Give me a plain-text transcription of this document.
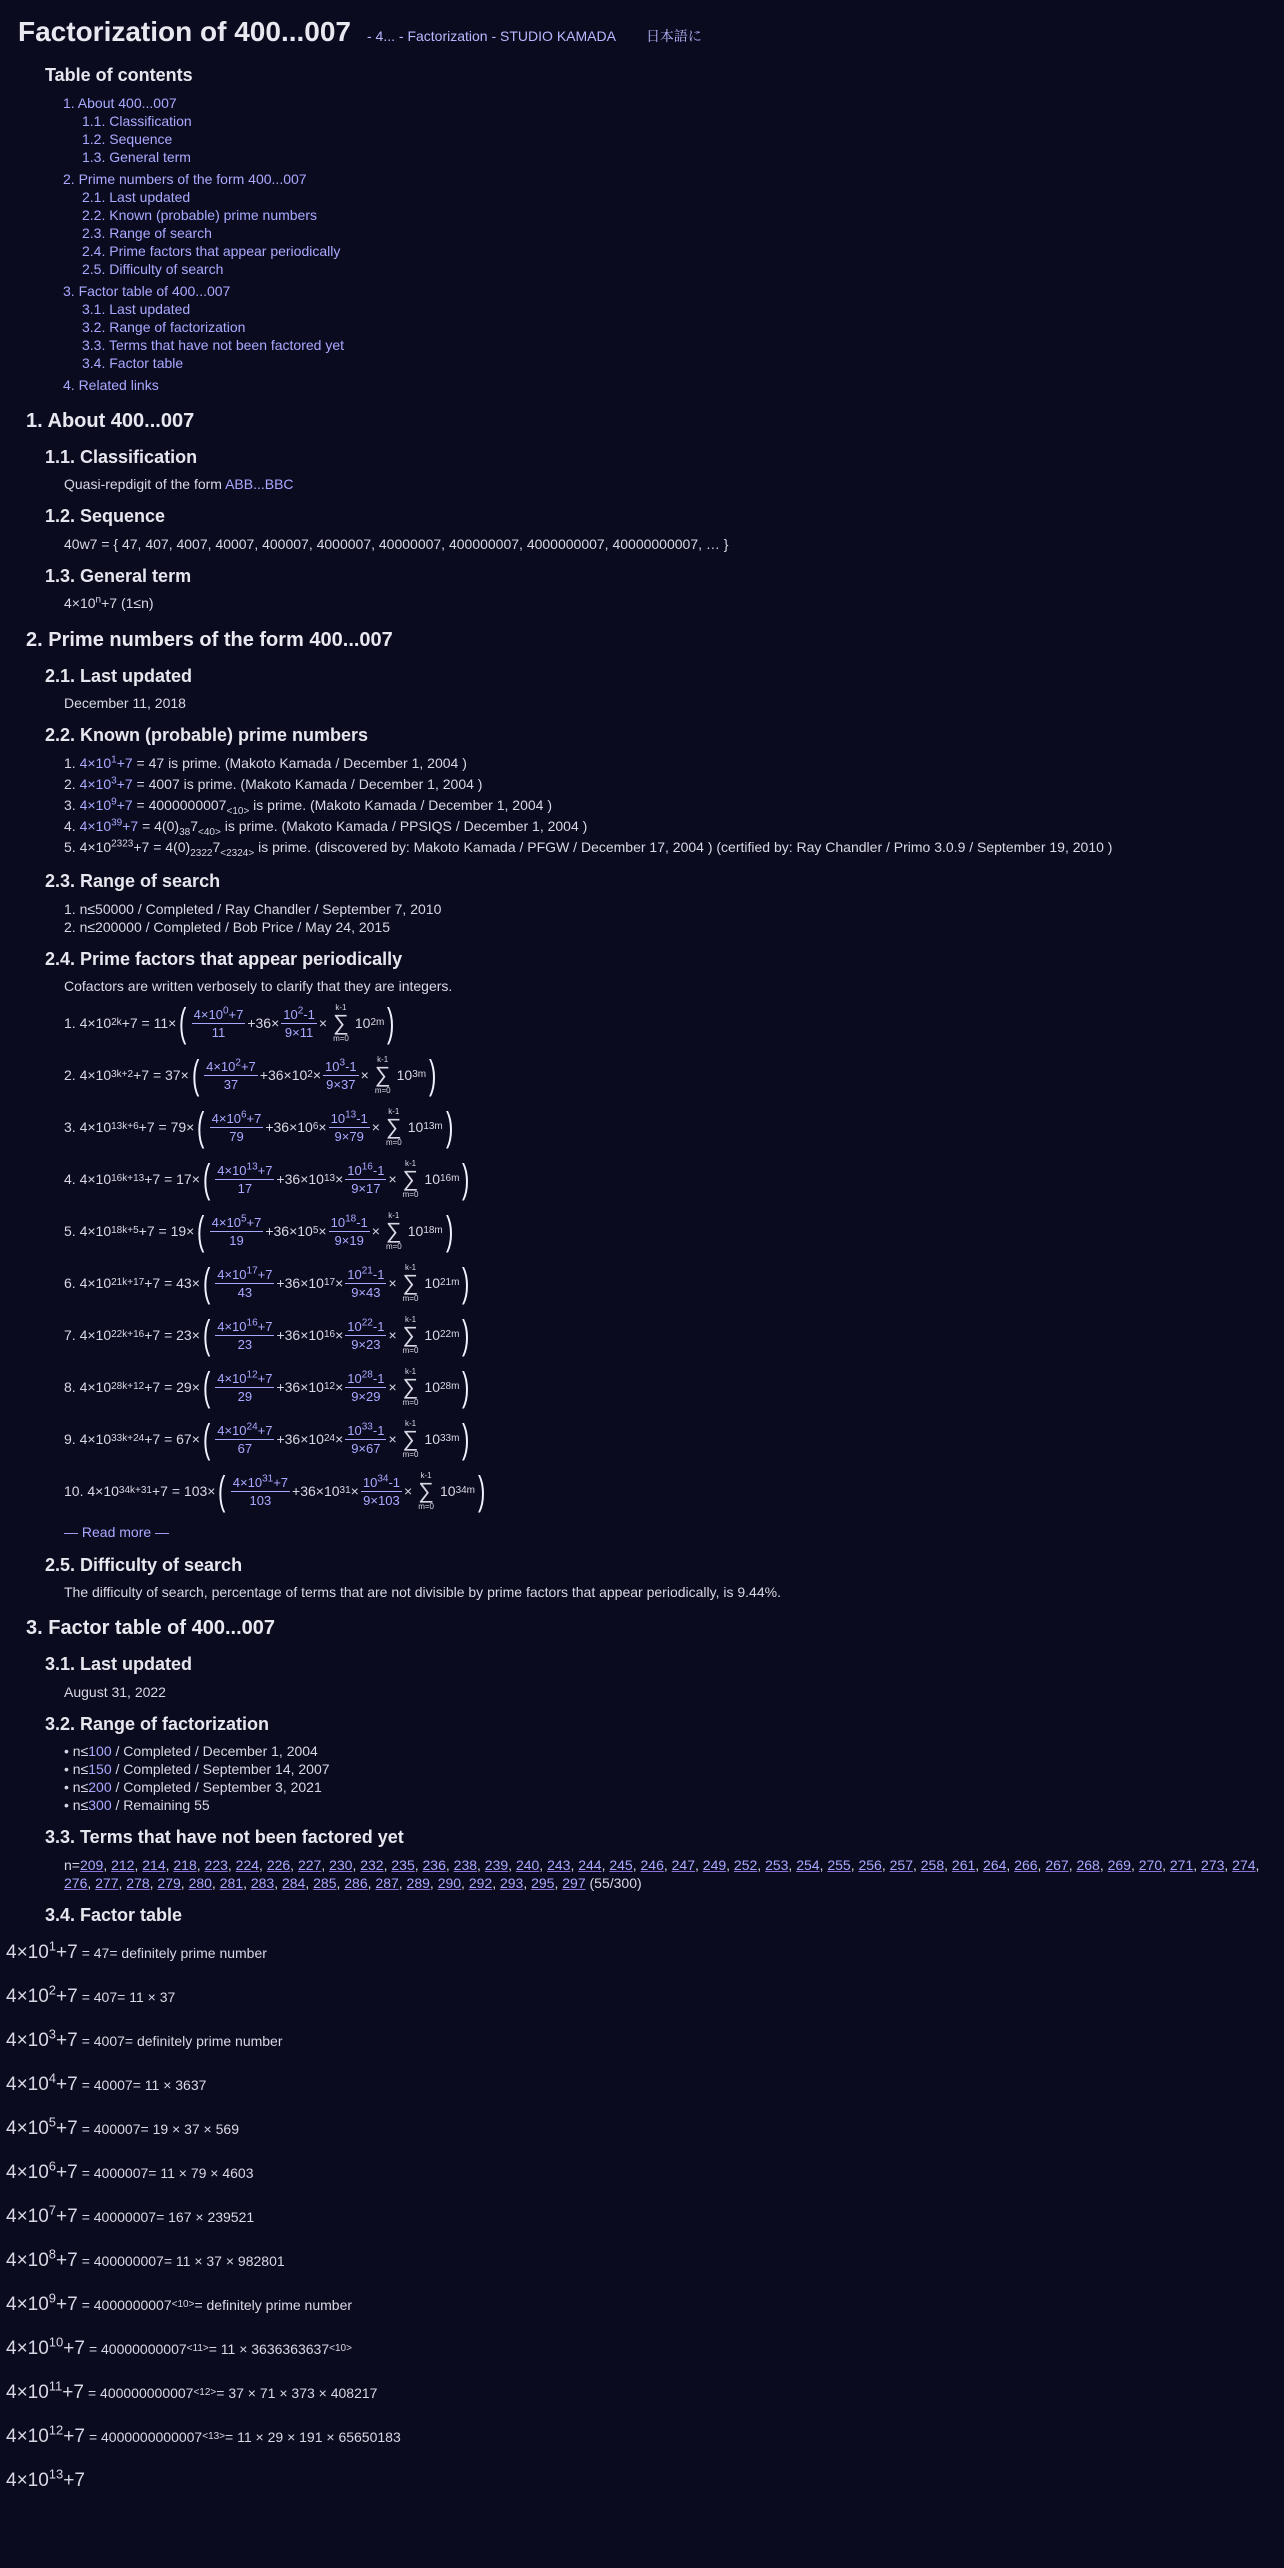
Factorization of 400...007 - 4... - Factorization - STUDIO KAMADA 日本語に
Table of contents
1. About 400...007
1.1. Classification
1.2. Sequence
1.3. General term
2. Prime numbers of the form 400...007
2.1. Last updated
2.2. Known (probable) prime numbers
2.3. Range of search
2.4. Prime factors that appear periodically
2.5. Difficulty of search
3. Factor table of 400...007
3.1. Last updated
3.2. Range of factorization
3.3. Terms that have not been factored yet
3.4. Factor table
4. Related links
1. About 400...007
1.1. Classification
Quasi-repdigit of the form ABB...BBC
1.2. Sequence
40w7 = { 47, 407, 4007, 40007, 400007, 4000007, 40000007, 400000007, 4000000007, 40000000007, … }
1.3. General term
$4\times 10^n+7$ (1≤n)
2. Prime numbers of the form 400...007
2.1. Last updated
December 11, 2018
2.2. Known (probable) prime numbers
1. $4\times 10^1+7 = 47$ is prime. (Makoto Kamada / December 1, 2004 )
2. $4\times 10^3+7 = 4007$ is prime. (Makoto Kamada / December 1, 2004 )
3. $4\times 10^9+7 = 4000000007_{<10>}$ is prime. (Makoto Kamada / December 1, 2004 )
4. $4\times 10^{39}+7 = 4(0)_{38}7_{<40>}$ is prime. (Makoto Kamada / PPSIQS / December 1, 2004 )
5. $4\times 10^{2323}+7 = 4(0)_{2322}7_{<2324>}$ is prime. (discovered by: Makoto Kamada / PFGW / December 17, 2004 ) (certified by: Ray Chandler / Primo 3.0.9 / September 19, 2010 )
2.3. Range of search
1. n≤50000 / Completed / Ray Chandler / September 7, 2010
2. n≤200000 / Completed / Bob Price / May 24, 2015
2.4. Prime factors that appear periodically
Cofactors are written verbosely to clarify that they are integers.
1. 4×10 2k +7 = 11× ( $\frac{4\times 10^0+7}{11} +36 \times \frac{10^2-1}{9\times 11}$ ×
k-1
∑
m=0
10 2m )
2. 4×10 3k+2 +7 = 37× ( $\frac{4\times 10^2+7}{37} +36 \times 10$ $2 \times \frac{10^3-1}{9\times 37}$ ×
k-1
∑
m=0
10 3m )
3. 4×10 13k+6 +7 = 79× ( $\frac{4\times 10^6+7}{79} +36 \times 10$ $6 \times \frac{10^{13}-1}{9\times 79}$ ×
k-1
∑
m=0
10 13m )
4. 4×10 16k+13 +7 = 17× ( $\frac{4\times 10^{13}+7}{17} +36 \times 10$ $13 \times \frac{10^{16}-1}{9\times 17}$ ×
k-1
∑
m=0
10 16m )
5. 4×10 18k+5 +7 = 19× ( $\frac{4\times 10^5+7}{19} +36 \times 10$ $5 \times \frac{10^{18}-1}{9\times 19}$ ×
k-1
∑
m=0
10 18m )
6. 4×10 21k+17 +7 = 43× ( $\frac{4\times 10^{17}+7}{43} +36 \times 10$ $17 \times \frac{10^{21}-1}{9\times 43}$ ×
k-1
∑
m=0
10 21m )
7. 4×10 22k+16 +7 = 23× ( $\frac{4\times 10^{16}+7}{23} +36 \times 10$ $16 \times \frac{10^{22}-1}{9\times 23}$ ×
k-1
∑
m=0
10 22m )
8. 4×10 28k+12 +7 = 29× ( $\frac{4\times 10^{12}+7}{29} +36 \times 10$ $12 \times \frac{10^{28}-1}{9\times 29}$ ×
k-1
∑
m=0
10 28m )
9. 4×10 33k+24 +7 = 67× ( $\frac{4\times 10^{24}+7}{67} +36 \times 10$ $24 \times \frac{10^{33}-1}{9\times 67}$ ×
k-1
∑
m=0
10 33m )
10. 4×10 34k+31 +7 = 103× ( $\frac{4\times 10^{31}+7}{103} +36 \times 10$ $31 \times \frac{10^{34}-1}{9\times 103}$ ×
k-1
∑
m=0
10 34m )
— Read more —
2.5. Difficulty of search
The difficulty of search, percentage of terms that are not divisible by prime factors that appear periodically, is 9.44%.
3. Factor table of 400...007
3.1. Last updated
August 31, 2022
3.2. Range of factorization
• n≤100 / Completed / December 1, 2004
• n≤150 / Completed / September 14, 2007
• n≤200 / Completed / September 3, 2021
• n≤300 / Remaining 55
3.3. Terms that have not been factored yet
n=209, 212, 214, 218, 223, 224, 226, 227, 230, 232, 235, 236, 238, 239, 240, 243, 244, 245, 246, 247, 249, 252, 253, 254, 255, 256, 257, 258, 261, 264, 266, 267, 268, 269, 270, 271, 273, 274, 276, 277, 278, 279, 280, 281, 283, 284, 285, 286, 287, 289, 290, 292, 293, 295, 297 (55/300)
3.4. Factor table
$4\times 10^1+7 = 47$ = definitely prime number
$4\times 10^2+7 = 407 = 11 \times 37$
$4\times 10^3+7 = 4007$ = definitely prime number
$4\times 10^4+7 = 40007 = 11 \times 3637$
$4\times 10^5+7 = 400007 = 19 \times 37 \times 569$
$4\times 10^6+7 = 4000007 = 11 \times 79 \times 4603$
$4\times 10^7+7 = 40000007 = 167 \times 239521$
$4\times 10^8+7 = 400000007 = 11 \times 37 \times 982801$
$4\times 10^9+7 = 4000000007 <10>$ = definitely prime number
$4\times 10^{10}+7 = 40000000007 <11> = 11 \times 3636363637 <10>$
$4\times 10^{11}+7 = 400000000007 <12> = 37 \times 71 \times 373 \times 408217$
$4\times 10^{12}+7 = 4000000000007 <13> = 11 \times 29 \times 191 \times 65650183$
$4\times 10^{13}+7$
